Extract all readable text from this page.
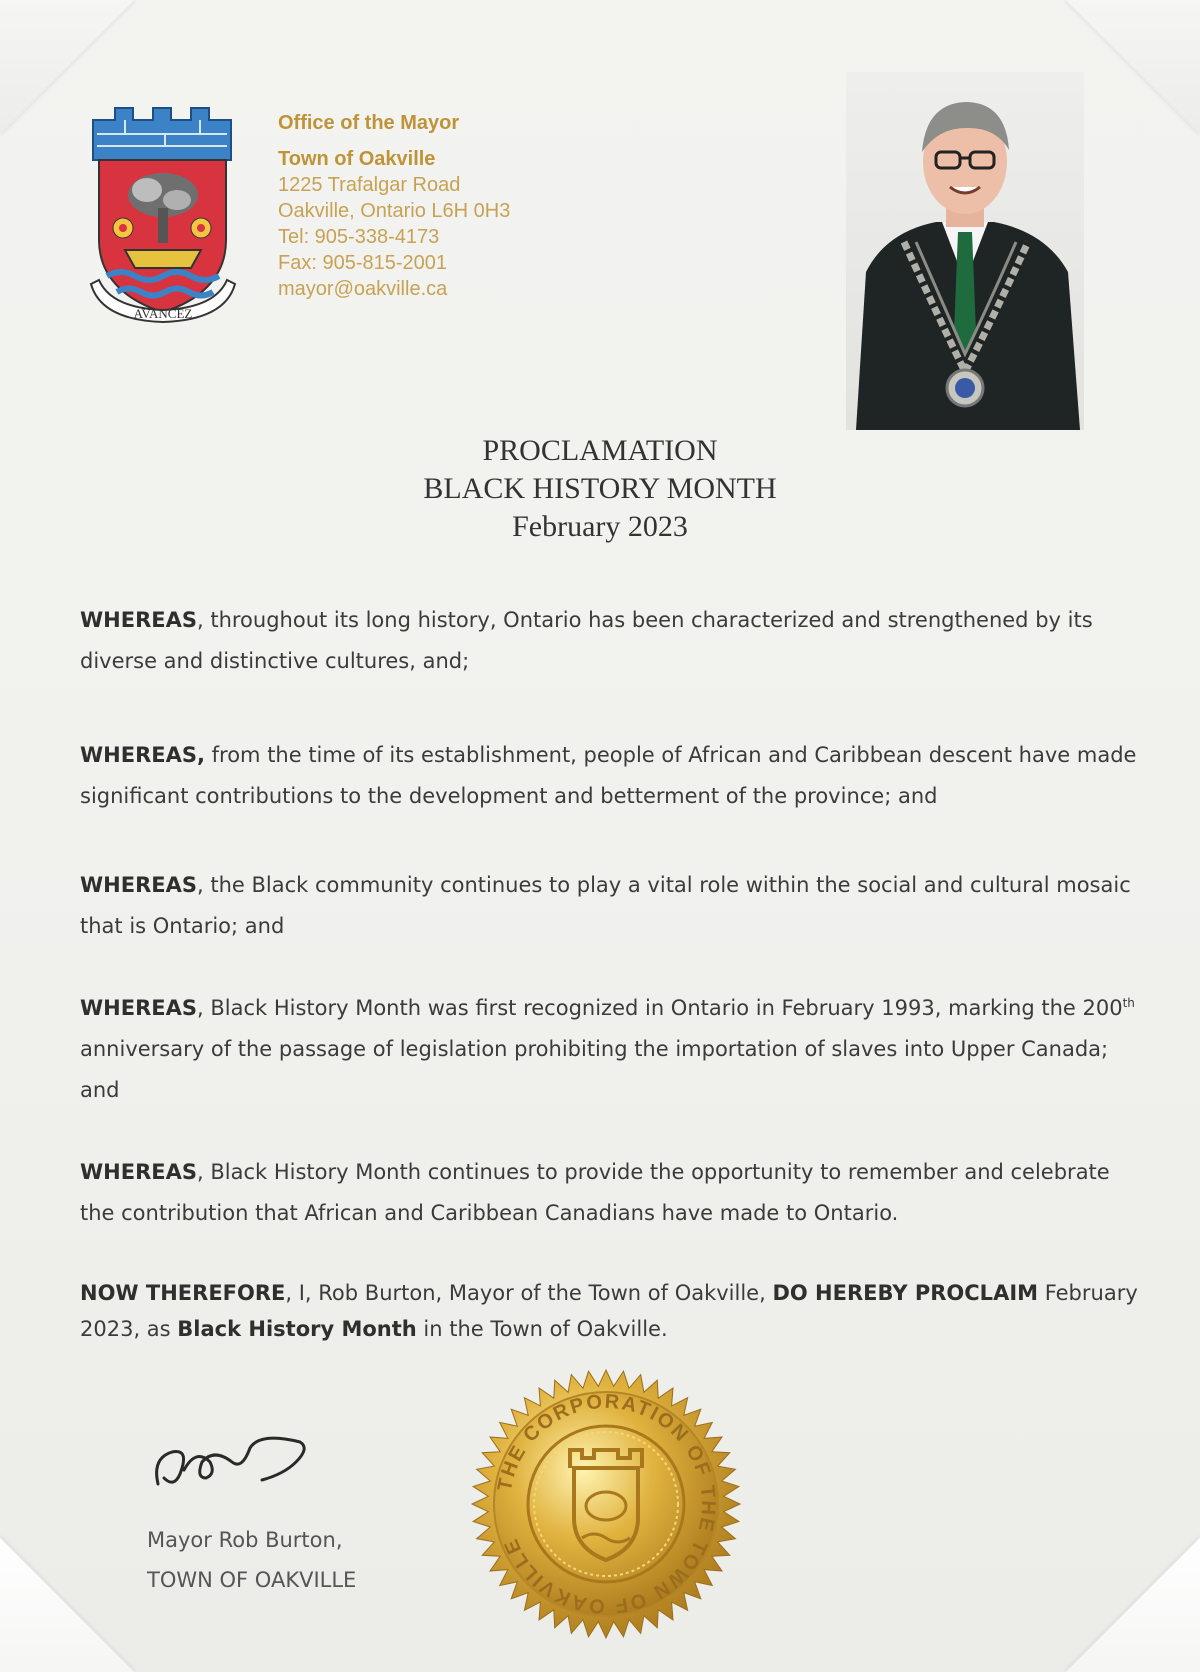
AVANCEZ
Office of the Mayor
Town of Oakville
1225 Trafalgar Road
Oakville, Ontario L6H 0H3
Tel: 905-338-4173
Fax: 905-815-2001
mayor@oakville.ca
PROCLAMATION
BLACK HISTORY MONTH
February 2023

WHEREAS, throughout its long history, Ontario has been characterized and strengthened by its diverse and distinctive cultures, and;

WHEREAS, from the time of its establishment, people of African and Caribbean descent have made significant contributions to the development and betterment of the province; and

WHEREAS, the Black community continues to play a vital role within the social and cultural mosaic that is Ontario; and

WHEREAS, Black History Month was first recognized in Ontario in February 1993, marking the 200th anniversary of the passage of legislation prohibiting the importation of slaves into Upper Canada; and

WHEREAS, Black History Month continues to provide the opportunity to remember and celebrate the contribution that African and Caribbean Canadians have made to Ontario.

NOW THEREFORE, I, Rob Burton, Mayor of the Town of Oakville, DO HEREBY PROCLAIM February 2023, as Black History Month in the Town of Oakville.

Mayor Rob Burton,
TOWN OF OAKVILLE
THE CORPORATION OF THE TOWN OF OAKVILLE
